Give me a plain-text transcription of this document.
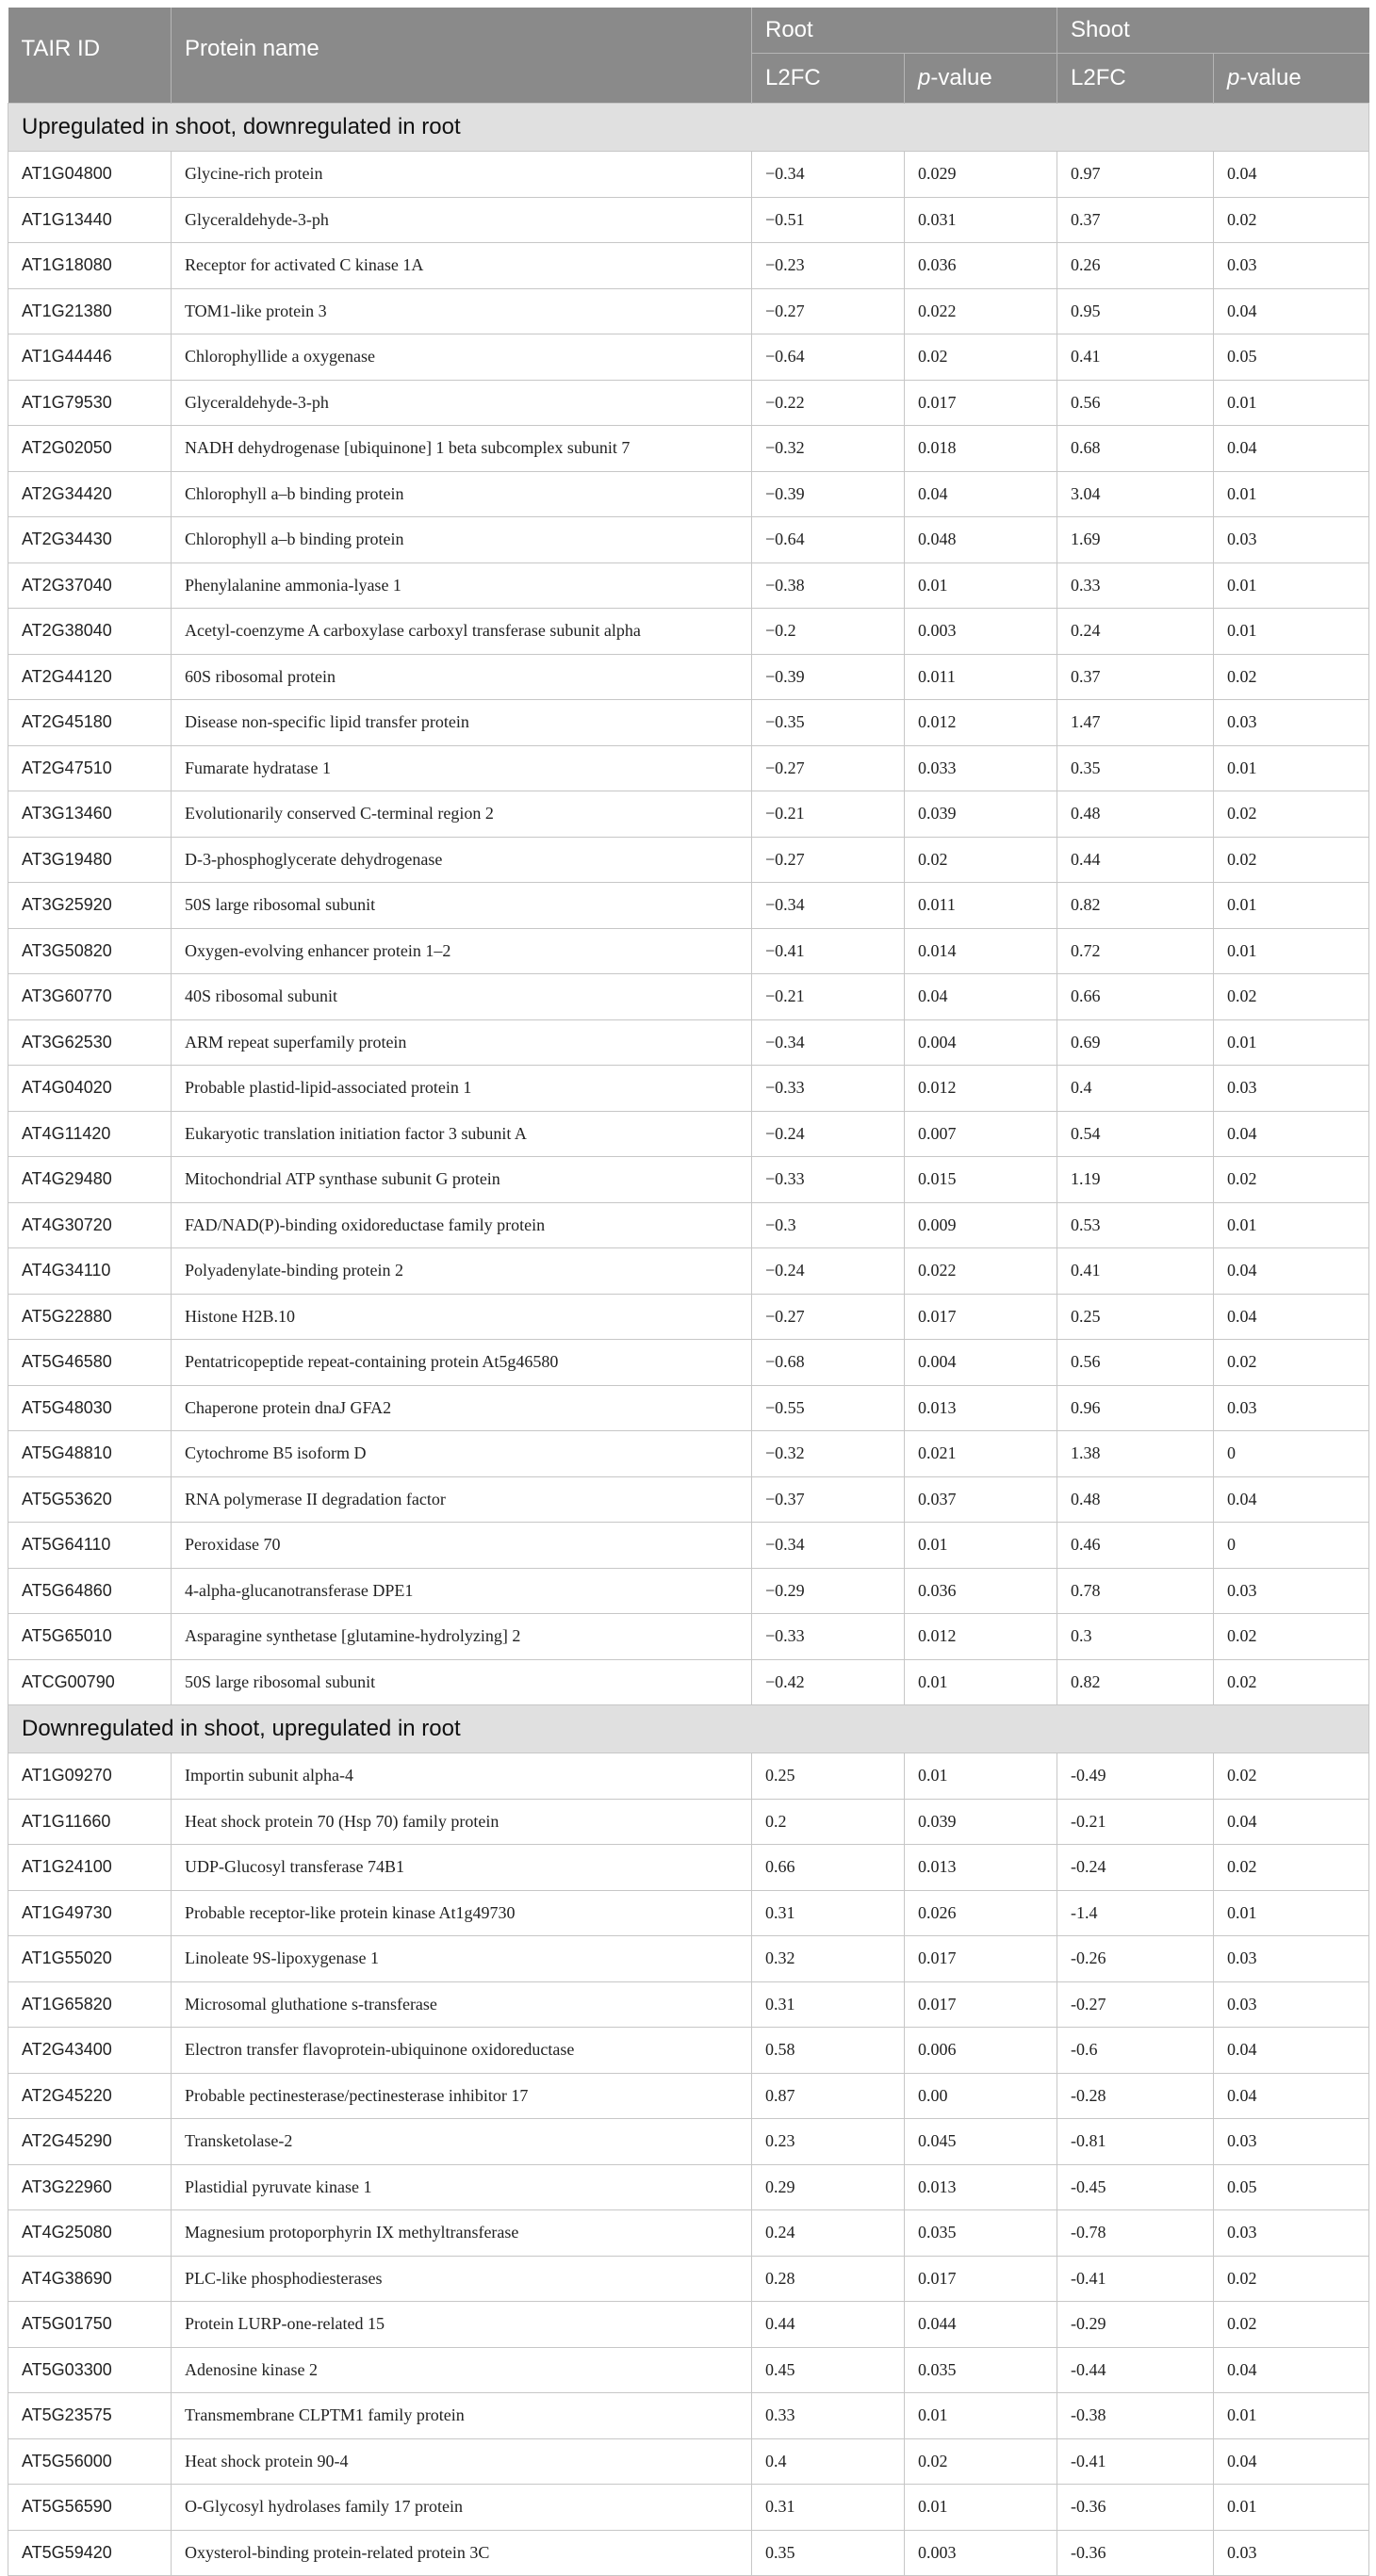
TAIR ID	Protein name	Root		Shoot	
		L2FC	p-value	L2FC	p-value
Upregulated in shoot, downregulated in root					
AT1G04800	Glycine-rich protein	−0.34	0.029	0.97	0.04
AT1G13440	Glyceraldehyde-3-ph	−0.51	0.031	0.37	0.02
AT1G18080	Receptor for activated C kinase 1A	−0.23	0.036	0.26	0.03
AT1G21380	TOM1-like protein 3	−0.27	0.022	0.95	0.04
AT1G44446	Chlorophyllide a oxygenase	−0.64	0.02	0.41	0.05
AT1G79530	Glyceraldehyde-3-ph	−0.22	0.017	0.56	0.01
AT2G02050	NADH dehydrogenase [ubiquinone] 1 beta subcomplex subunit 7	−0.32	0.018	0.68	0.04
AT2G34420	Chlorophyll a–b binding protein	−0.39	0.04	3.04	0.01
AT2G34430	Chlorophyll a–b binding protein	−0.64	0.048	1.69	0.03
AT2G37040	Phenylalanine ammonia-lyase 1	−0.38	0.01	0.33	0.01
AT2G38040	Acetyl-coenzyme A carboxylase carboxyl transferase subunit alpha	−0.2	0.003	0.24	0.01
AT2G44120	60S ribosomal protein	−0.39	0.011	0.37	0.02
AT2G45180	Disease non-specific lipid transfer protein	−0.35	0.012	1.47	0.03
AT2G47510	Fumarate hydratase 1	−0.27	0.033	0.35	0.01
AT3G13460	Evolutionarily conserved C-terminal region 2	−0.21	0.039	0.48	0.02
AT3G19480	D-3-phosphoglycerate dehydrogenase	−0.27	0.02	0.44	0.02
AT3G25920	50S large ribosomal subunit	−0.34	0.011	0.82	0.01
AT3G50820	Oxygen-evolving enhancer protein 1–2	−0.41	0.014	0.72	0.01
AT3G60770	40S ribosomal subunit	−0.21	0.04	0.66	0.02
AT3G62530	ARM repeat superfamily protein	−0.34	0.004	0.69	0.01
AT4G04020	Probable plastid-lipid-associated protein 1	−0.33	0.012	0.4	0.03
AT4G11420	Eukaryotic translation initiation factor 3 subunit A	−0.24	0.007	0.54	0.04
AT4G29480	Mitochondrial ATP synthase subunit G protein	−0.33	0.015	1.19	0.02
AT4G30720	FAD/NAD(P)-binding oxidoreductase family protein	−0.3	0.009	0.53	0.01
AT4G34110	Polyadenylate-binding protein 2	−0.24	0.022	0.41	0.04
AT5G22880	Histone H2B.10	−0.27	0.017	0.25	0.04
AT5G46580	Pentatricopeptide repeat-containing protein At5g46580	−0.68	0.004	0.56	0.02
AT5G48030	Chaperone protein dnaJ GFA2	−0.55	0.013	0.96	0.03
AT5G48810	Cytochrome B5 isoform D	−0.32	0.021	1.38	0
AT5G53620	RNA polymerase II degradation factor	−0.37	0.037	0.48	0.04
AT5G64110	Peroxidase 70	−0.34	0.01	0.46	0
AT5G64860	4-alpha-glucanotransferase DPE1	−0.29	0.036	0.78	0.03
AT5G65010	Asparagine synthetase [glutamine-hydrolyzing] 2	−0.33	0.012	0.3	0.02
ATCG00790	50S large ribosomal subunit	−0.42	0.01	0.82	0.02
Downregulated in shoot, upregulated in root					
AT1G09270	Importin subunit alpha-4	0.25	0.01	-0.49	0.02
AT1G11660	Heat shock protein 70 (Hsp 70) family protein	0.2	0.039	-0.21	0.04
AT1G24100	UDP-Glucosyl transferase 74B1	0.66	0.013	-0.24	0.02
AT1G49730	Probable receptor-like protein kinase At1g49730	0.31	0.026	-1.4	0.01
AT1G55020	Linoleate 9S-lipoxygenase 1	0.32	0.017	-0.26	0.03
AT1G65820	Microsomal gluthatione s-transferase	0.31	0.017	-0.27	0.03
AT2G43400	Electron transfer flavoprotein-ubiquinone oxidoreductase	0.58	0.006	-0.6	0.04
AT2G45220	Probable pectinesterase/pectinesterase inhibitor 17	0.87	0.00	-0.28	0.04
AT2G45290	Transketolase-2	0.23	0.045	-0.81	0.03
AT3G22960	Plastidial pyruvate kinase 1	0.29	0.013	-0.45	0.05
AT4G25080	Magnesium protoporphyrin IX methyltransferase	0.24	0.035	-0.78	0.03
AT4G38690	PLC-like phosphodiesterases	0.28	0.017	-0.41	0.02
AT5G01750	Protein LURP-one-related 15	0.44	0.044	-0.29	0.02
AT5G03300	Adenosine kinase 2	0.45	0.035	-0.44	0.04
AT5G23575	Transmembrane CLPTM1 family protein	0.33	0.01	-0.38	0.01
AT5G56000	Heat shock protein 90-4	0.4	0.02	-0.41	0.04
AT5G56590	O-Glycosyl hydrolases family 17 protein	0.31	0.01	-0.36	0.01
AT5G59420	Oxysterol-binding protein-related protein 3C	0.35	0.003	-0.36	0.03
